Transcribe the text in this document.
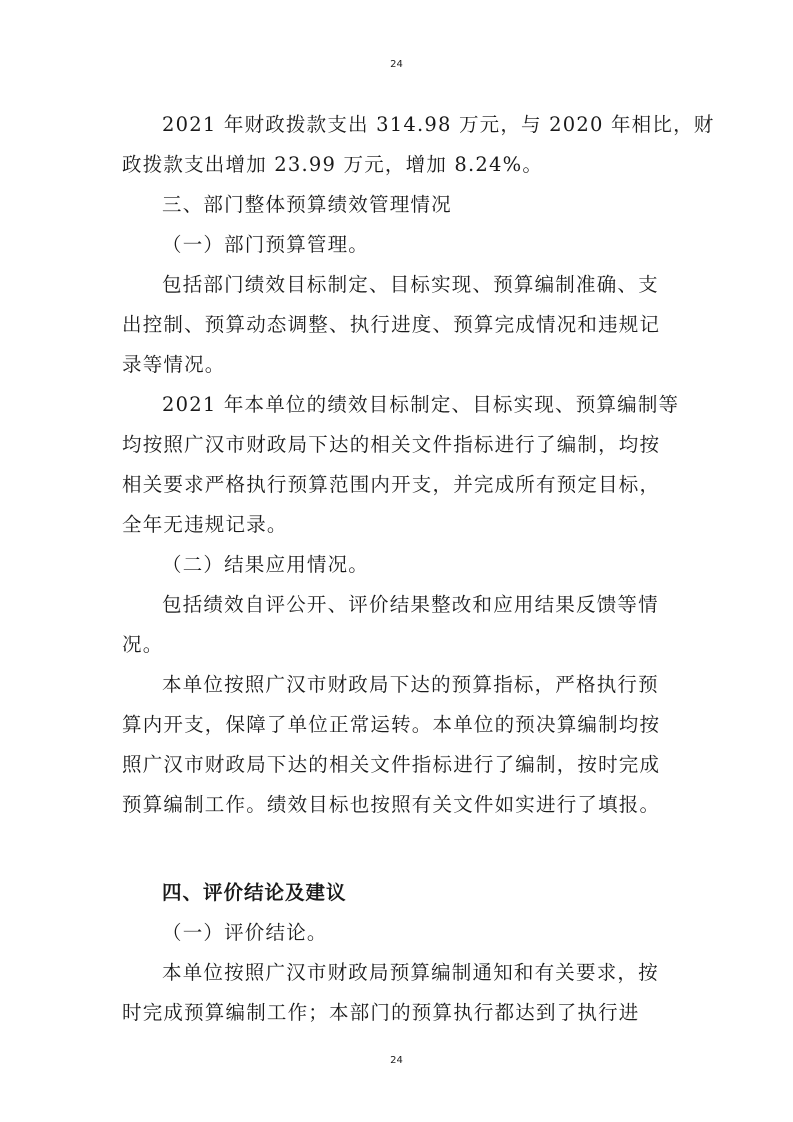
24
2021 年财政拨款支出 314.98 万元，与 2020 年相比，财
政拨款支出增加 23.99 万元，增加 8.24%。
三、部门整体预算绩效管理情况
（一）部门预算管理。
包括部门绩效目标制定、目标实现、预算编制准确、支
出控制、预算动态调整、执行进度、预算完成情况和违规记
录等情况。
2021 年本单位的绩效目标制定、目标实现、预算编制等
均按照广汉市财政局下达的相关文件指标进行了编制，均按
相关要求严格执行预算范围内开支，并完成所有预定目标，
全年无违规记录。
（二）结果应用情况。
包括绩效自评公开、评价结果整改和应用结果反馈等情
况。
本单位按照广汉市财政局下达的预算指标，严格执行预
算内开支，保障了单位正常运转。本单位的预决算编制均按
照广汉市财政局下达的相关文件指标进行了编制，按时完成
预算编制工作。绩效目标也按照有关文件如实进行了填报。
四、评价结论及建议
（一）评价结论。
本单位按照广汉市财政局预算编制通知和有关要求，按
时完成预算编制工作；本部门的预算执行都达到了执行进
24
